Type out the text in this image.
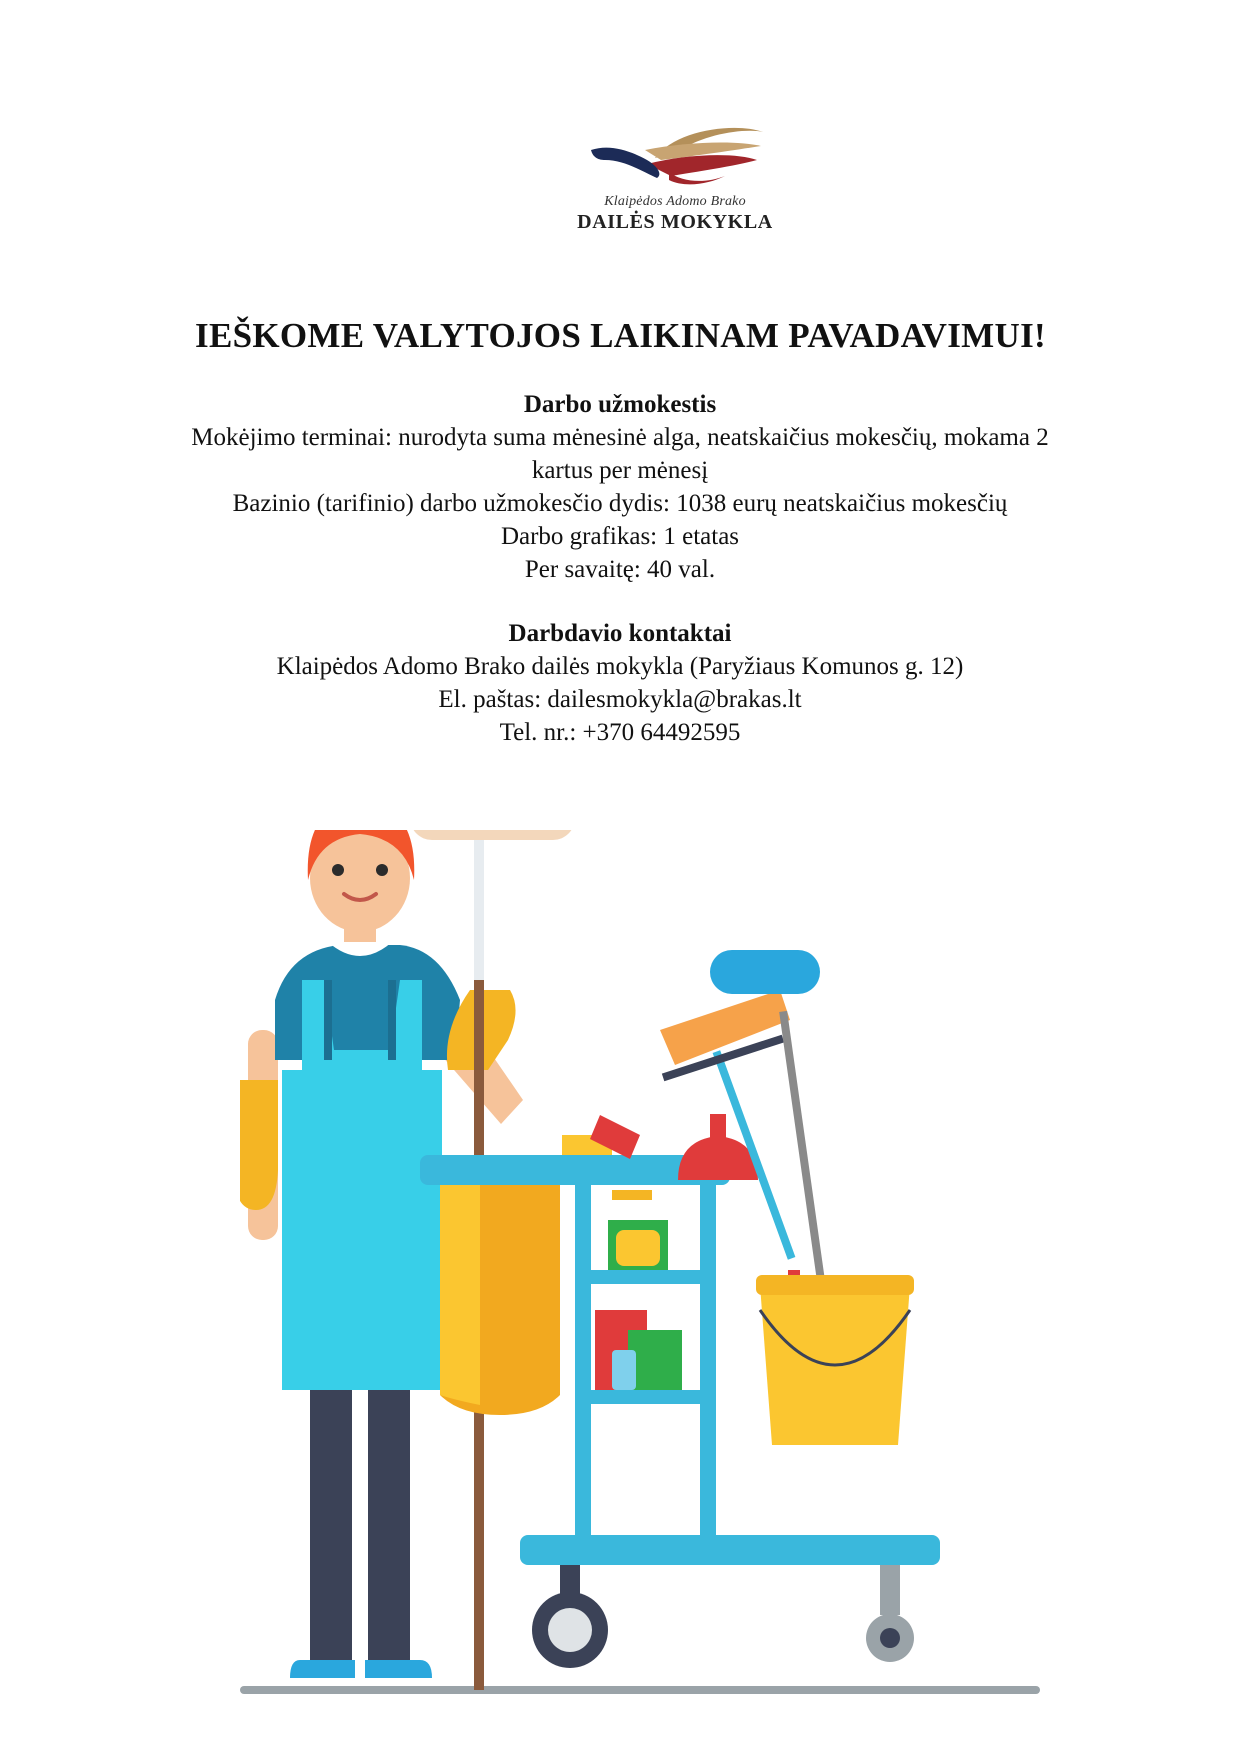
Klaipėdos Adomo Brako
DAILĖS MOKYKLA
IEŠKOME VALYTOJOS LAIKINAM PAVADAVIMUI!
Darbo užmokestis
Mokėjimo terminai: nurodyta suma mėnesinė alga, neatskaičius mokesčių, mokama 2
kartus per mėnesį
Bazinio (tarifinio) darbo užmokesčio dydis: 1038 eurų neatskaičius mokesčių
Darbo grafikas: 1 etatas
Per savaitę: 40 val.
Darbdavio kontaktai
Klaipėdos Adomo Brako dailės mokykla (Paryžiaus Komunos g. 12)
El. paštas: dailesmokykla@brakas.lt
Tel. nr.: +370 64492595
